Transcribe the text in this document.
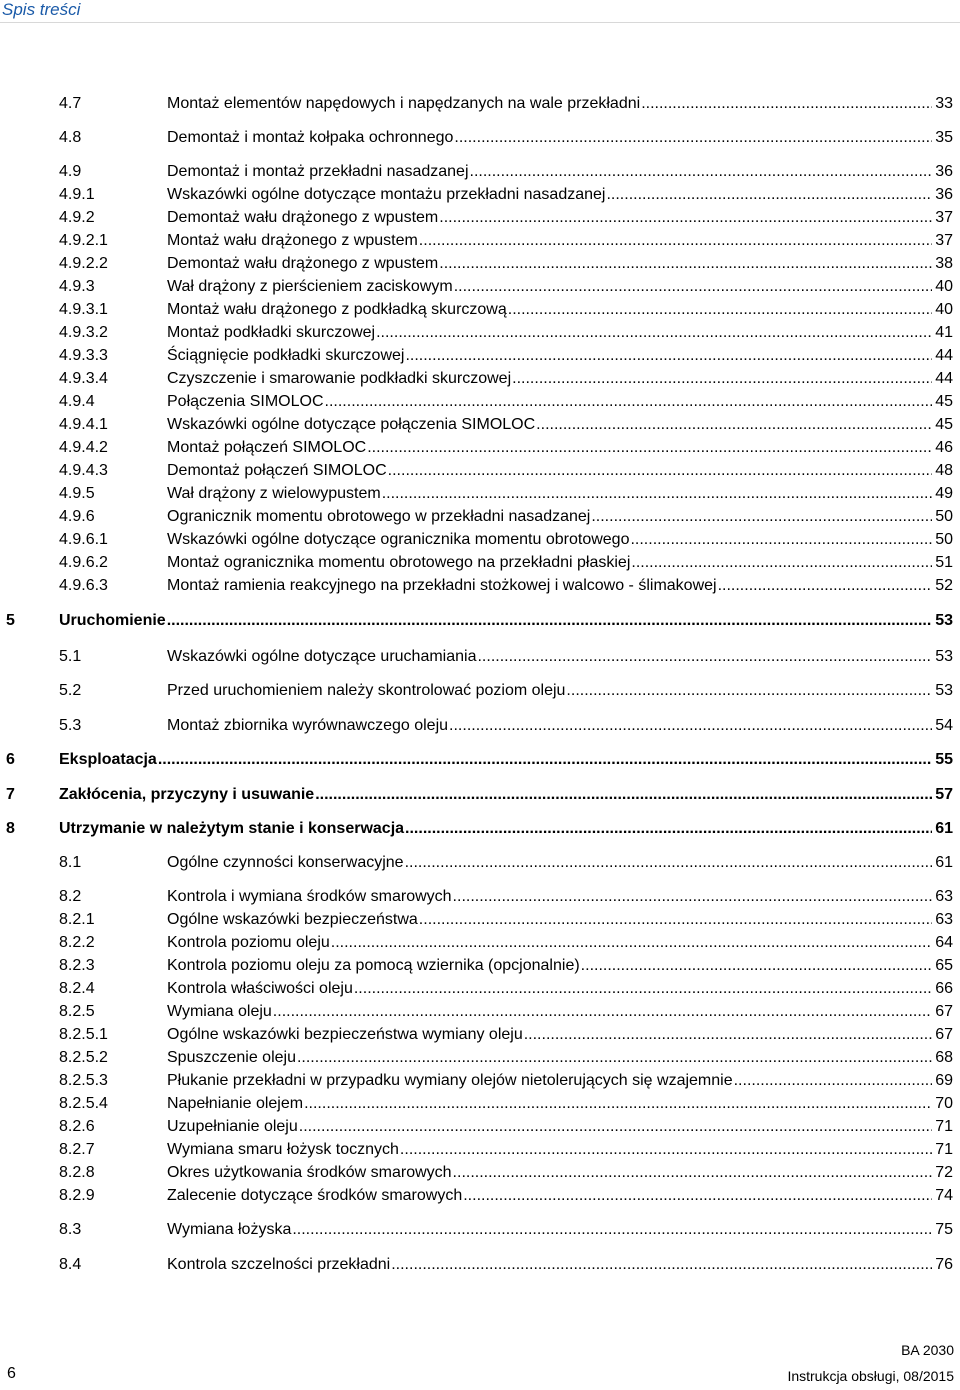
Spis treści
4.7	Montaż elementów napędowych i napędzanych na wale przekładni .....	33
4.8	Demontaż i montaż kołpaka ochronnego .....	35
4.9	Demontaż i montaż przekładni nasadzanej .....	36
4.9.1	Wskazówki ogólne dotyczące montażu przekładni nasadzanej .....	36
4.9.2	Demontaż wału drążonego z wpustem .....	37
4.9.2.1	Montaż wału drążonego z wpustem .....	37
4.9.2.2	Demontaż wału drążonego z wpustem .....	38
4.9.3	Wał drążony z pierścieniem zaciskowym .....	40
4.9.3.1	Montaż wału drążonego z podkładką skurczową .....	40
4.9.3.2	Montaż podkładki skurczowej .....	41
4.9.3.3	Ściągnięcie podkładki skurczowej .....	44
4.9.3.4	Czyszczenie i smarowanie podkładki skurczowej .....	44
4.9.4	Połączenia SIMOLOC .....	45
4.9.4.1	Wskazówki ogólne dotyczące połączenia SIMOLOC .....	45
4.9.4.2	Montaż połączeń SIMOLOC .....	46
4.9.4.3	Demontaż połączeń SIMOLOC .....	48
4.9.5	Wał drążony z wielowypustem .....	49
4.9.6	Ogranicznik momentu obrotowego w przekładni nasadzanej .....	50
4.9.6.1	Wskazówki ogólne dotyczące ogranicznika momentu obrotowego .....	50
4.9.6.2	Montaż ogranicznika momentu obrotowego na przekładni płaskiej .....	51
4.9.6.3	Montaż ramienia reakcyjnego na przekładni stożkowej i walcowo - ślimakowej .....	52
5	Uruchomienie .....	53
5.1	Wskazówki ogólne dotyczące uruchamiania .....	53
5.2	Przed uruchomieniem należy skontrolować poziom oleju .....	53
5.3	Montaż zbiornika wyrównawczego oleju .....	54
6	Eksploatacja .....	55
7	Zakłócenia, przyczyny i usuwanie .....	57
8	Utrzymanie w należytym stanie i konserwacja .....	61
8.1	Ogólne czynności konserwacyjne .....	61
8.2	Kontrola i wymiana środków smarowych .....	63
8.2.1	Ogólne wskazówki bezpieczeństwa .....	63
8.2.2	Kontrola poziomu oleju .....	64
8.2.3	Kontrola poziomu oleju za pomocą wziernika (opcjonalnie) .....	65
8.2.4	Kontrola właściwości oleju .....	66
8.2.5	Wymiana oleju .....	67
8.2.5.1	Ogólne wskazówki bezpieczeństwa wymiany oleju .....	67
8.2.5.2	Spuszczenie oleju .....	68
8.2.5.3	Płukanie przekładni w przypadku wymiany olejów nietolerujących się wzajemnie .....	69
8.2.5.4	Napełnianie olejem .....	70
8.2.6	Uzupełnianie oleju .....	71
8.2.7	Wymiana smaru łożysk tocznych .....	71
8.2.8	Okres użytkowania środków smarowych .....	72
8.2.9	Zalecenie dotyczące środków smarowych .....	74
8.3	Wymiana łożyska .....	75
8.4	Kontrola szczelności przekładni .....	76
6
BA 2030
Instrukcja obsługi, 08/2015
